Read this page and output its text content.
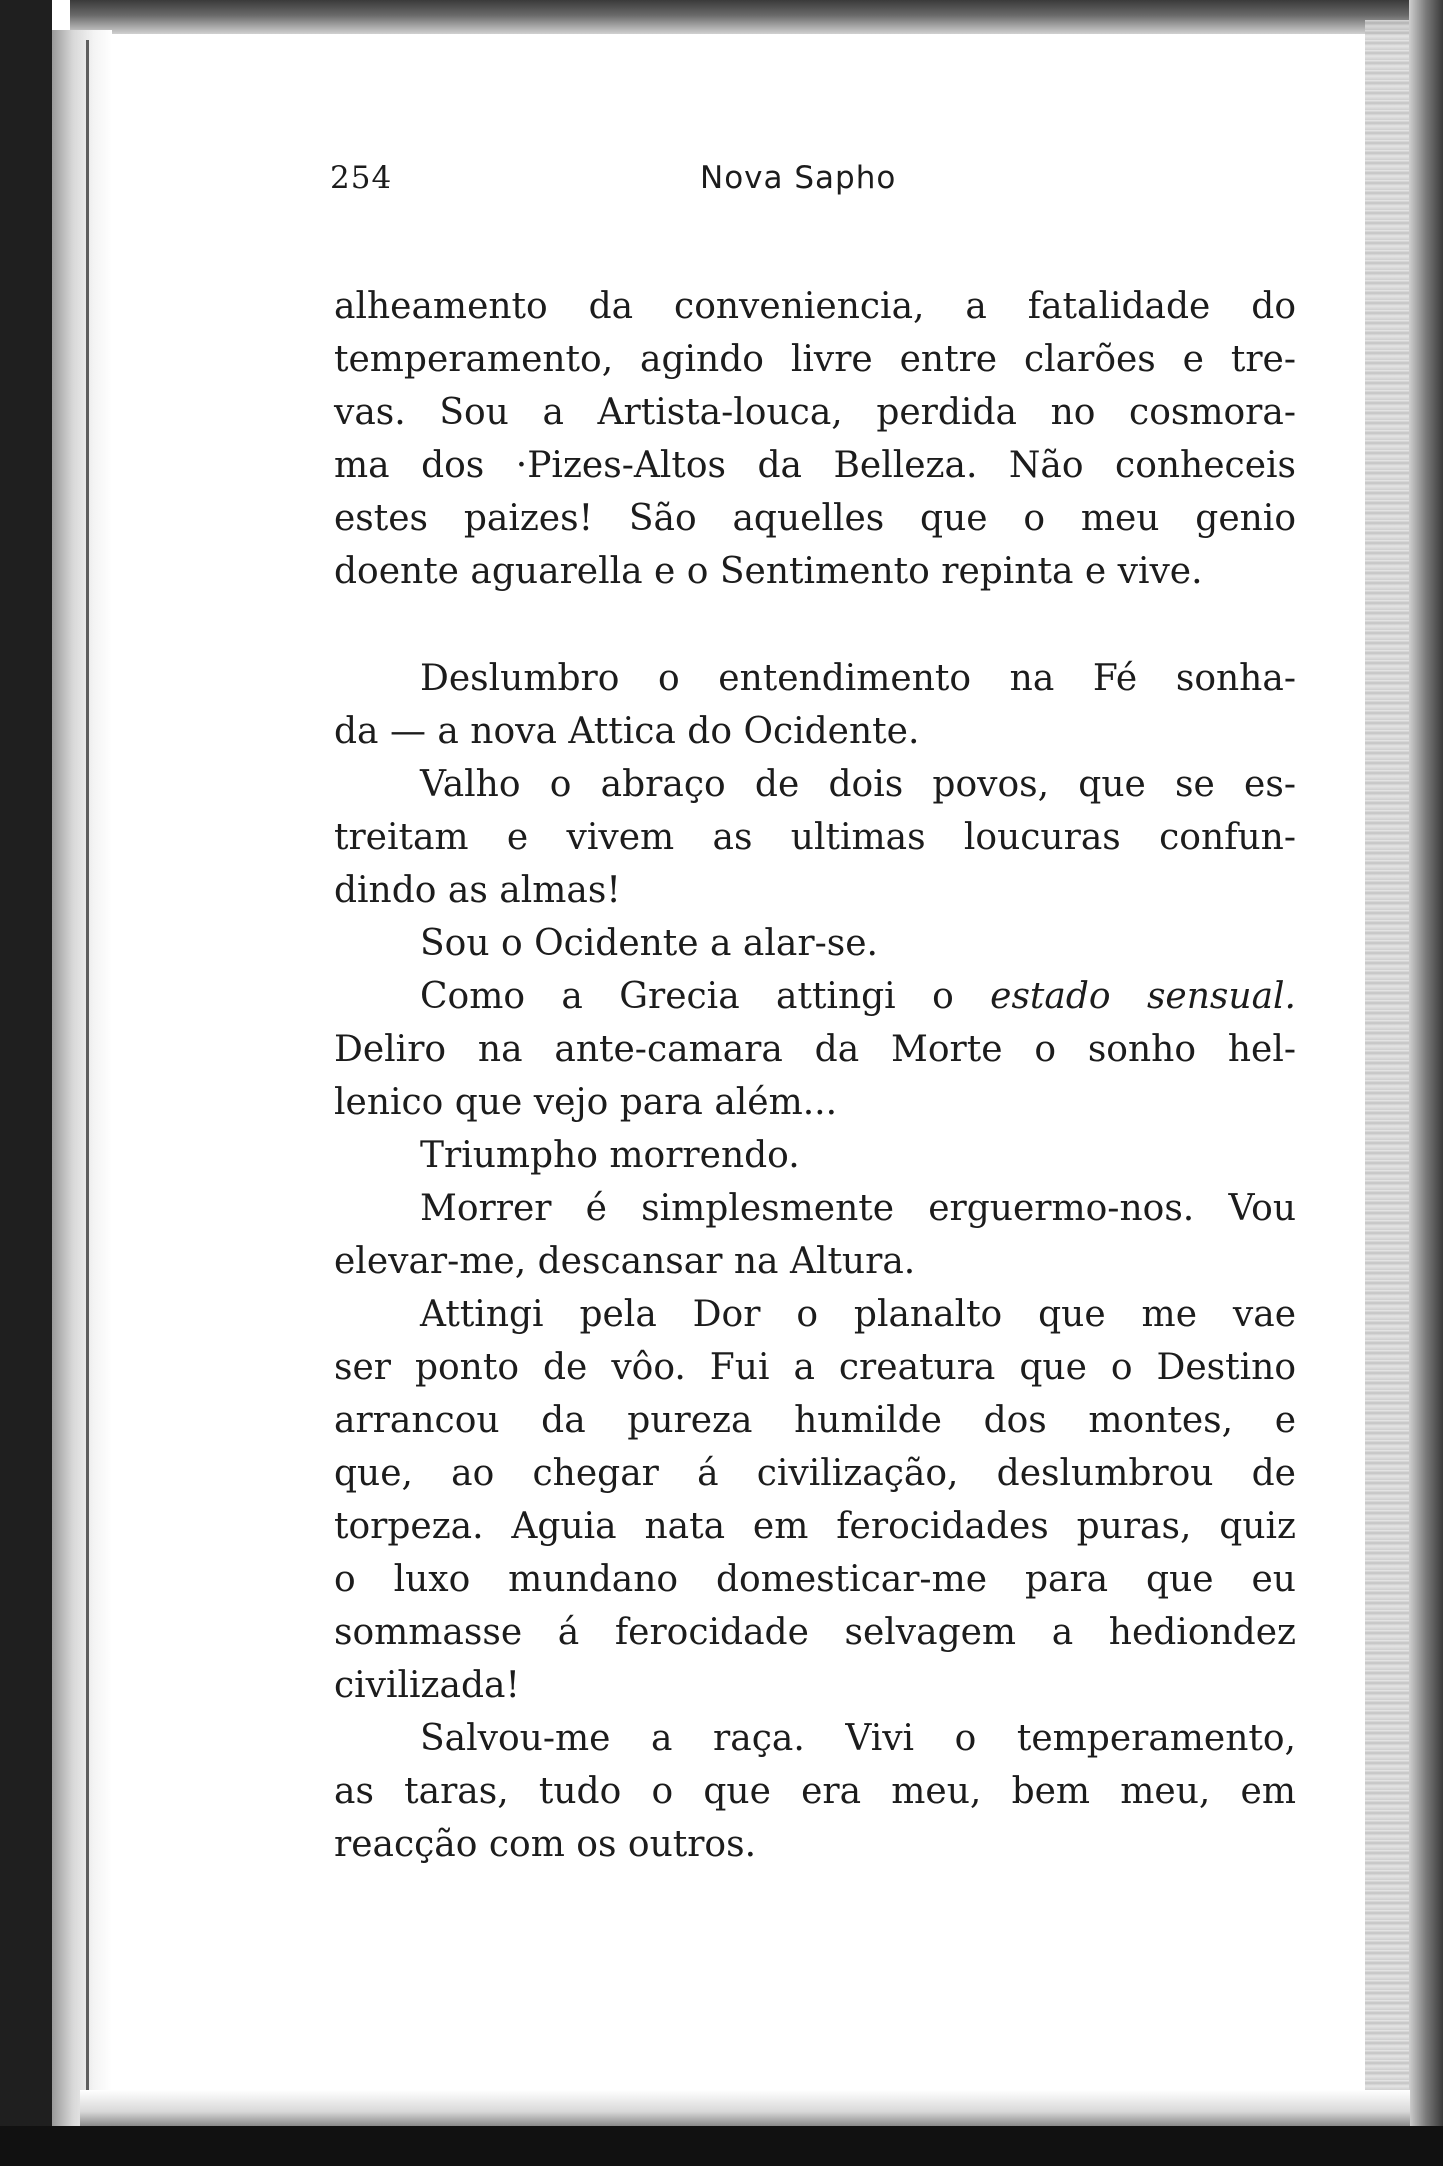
254	Nova Sapho
alheamento da conveniencia, a fatalidade do
temperamento, agindo livre entre clarões e tre-
vas. Sou a Artista-louca, perdida no cosmora-
ma dos ·Pizes-Altos da Belleza. Não conheceis
estes paizes! São aquelles que o meu genio
doente aguarella e o Sentimento repinta e vive.
Deslumbro o entendimento na Fé sonha-
da — a nova Attica do Ocidente.
Valho o abraço de dois povos, que se es-
treitam e vivem as ultimas loucuras confun-
dindo as almas!
Sou o Ocidente a alar-se.
Como a Grecia attingi o estado sensual.
Deliro na ante-camara da Morte o sonho hel-
lenico que vejo para além...
Triumpho morrendo.
Morrer é simplesmente erguermo-nos. Vou
elevar-me, descansar na Altura.
Attingi pela Dor o planalto que me vae
ser ponto de vôo. Fui a creatura que o Destino
arrancou da pureza humilde dos montes, e
que, ao chegar á civilização, deslumbrou de
torpeza. Aguia nata em ferocidades puras, quiz
o luxo mundano domesticar-me para que eu
sommasse á ferocidade selvagem a hediondez
civilizada!
Salvou-me a raça. Vivi o temperamento,
as taras, tudo o que era meu, bem meu, em
reacção com os outros.
